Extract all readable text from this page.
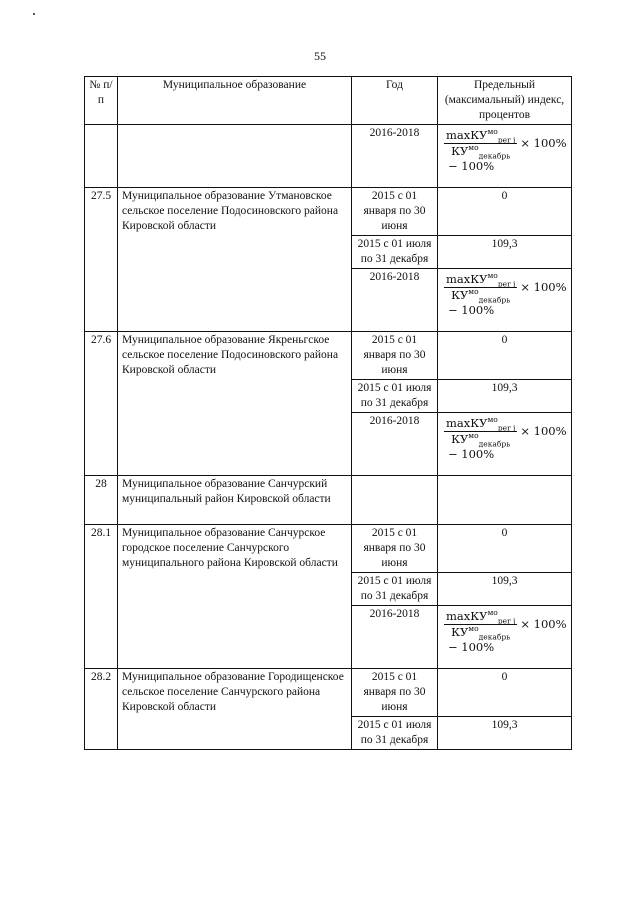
55
№ п/п	Муниципальное образование	Год	Предельный (максимальный) индекс, процентов
		2016-2018	$\frac{\max КУ^{мо}_{per j}}{КУ^{мо}_{декабрь}} \times 100\%$
− 100%

27.5	Муниципальное образование Утмановское сельское поселение Подосиновского района Кировской области	2015 с 01 января по 30 июня	0
		2015 с 01 июля по 31 декабря	109,3
		2016-2018	$\frac{\max КУ^{мо}_{per j}}{КУ^{мо}_{декабрь}} \times 100\%$
− 100%

27.6	Муниципальное образование Якреньгское сельское поселение Подосиновского района Кировской области	2015 с 01 января по 30 июня	0
		2015 с 01 июля по 31 декабря	109,3
		2016-2018	$\frac{\max КУ^{мо}_{per j}}{КУ^{мо}_{декабрь}} \times 100\%$
− 100%

28	Муниципальное образование Санчурский муниципальный район Кировской области		
28.1	Муниципальное образование Санчурское городское поселение Санчурского муниципального района Кировской области	2015 с 01 января по 30 июня	0
		2015 с 01 июля по 31 декабря	109,3
		2016-2018	$\frac{\max КУ^{мо}_{per j}}{КУ^{мо}_{декабрь}} \times 100\%$
− 100%

28.2	Муниципальное образование Городищенское сельское поселение Санчурского района Кировской области	2015 с 01 января по 30 июня	0
		2015 с 01 июля по 31 декабря	109,3
